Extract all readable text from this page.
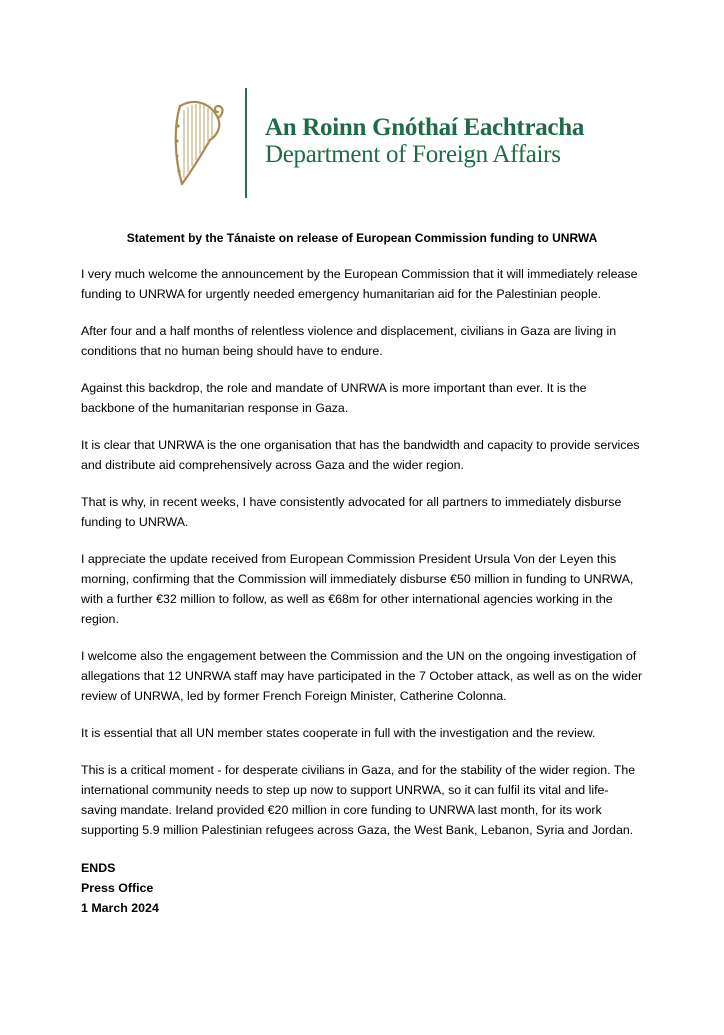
An Roinn Gnóthaí Eachtracha
Department of Foreign Affairs
Statement by the Tánaiste on release of European Commission funding to UNRWA

I very much welcome the announcement by the European Commission that it will immediately release funding to UNRWA for urgently needed emergency humanitarian aid for the Palestinian people.

After four and a half months of relentless violence and displacement, civilians in Gaza are living in conditions that no human being should have to endure.

Against this backdrop, the role and mandate of UNRWA is more important than ever. It is the backbone of the humanitarian response in Gaza.

It is clear that UNRWA is the one organisation that has the bandwidth and capacity to provide services and distribute aid comprehensively across Gaza and the wider region.

That is why, in recent weeks, I have consistently advocated for all partners to immediately disburse funding to UNRWA.

I appreciate the update received from European Commission President Ursula Von der Leyen this morning, confirming that the Commission will immediately disburse €50 million in funding to UNRWA, with a further €32 million to follow, as well as €68m for other international agencies working in the region.

I welcome also the engagement between the Commission and the UN on the ongoing investigation of allegations that 12 UNRWA staff may have participated in the 7 October attack, as well as on the wider review of UNRWA, led by former French Foreign Minister, Catherine Colonna.

It is essential that all UN member states cooperate in full with the investigation and the review.

This is a critical moment - for desperate civilians in Gaza, and for the stability of the wider region. The international community needs to step up now to support UNRWA, so it can fulfil its vital and life-saving mandate. Ireland provided €20 million in core funding to UNRWA last month, for its work supporting 5.9 million Palestinian refugees across Gaza, the West Bank, Lebanon, Syria and Jordan.

ENDS
Press Office
1 March 2024
